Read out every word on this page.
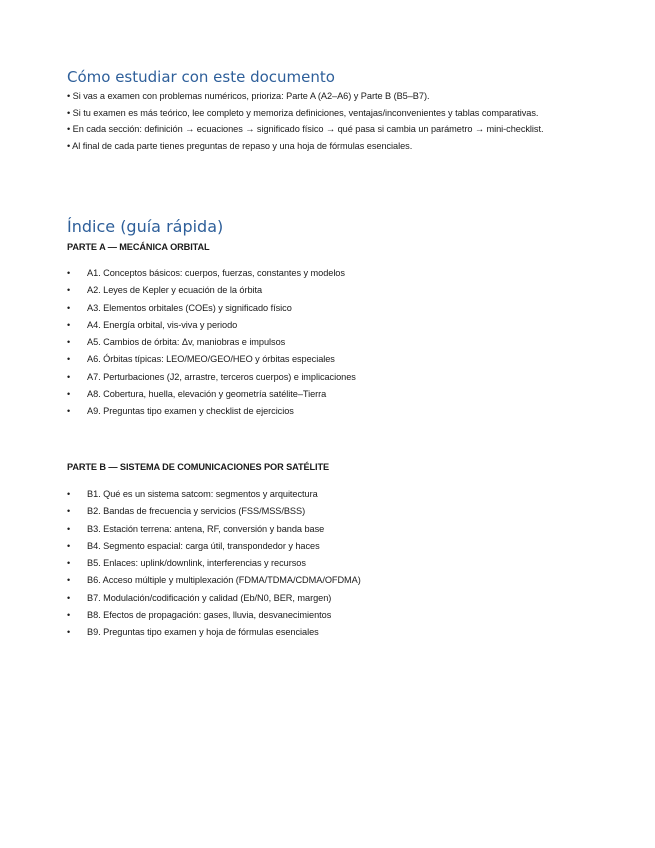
Cómo estudiar con este documento
• Si vas a examen con problemas numéricos, prioriza: Parte A (A2–A6) y Parte B (B5–B7).
• Si tu examen es más teórico, lee completo y memoriza definiciones, ventajas/inconvenientes y tablas comparativas.
• En cada sección: definición → ecuaciones → significado físico → qué pasa si cambia un parámetro → mini-checklist.
• Al final de cada parte tienes preguntas de repaso y una hoja de fórmulas esenciales.
Índice (guía rápida)
PARTE A — MECÁNICA ORBITAL
• A1. Conceptos básicos: cuerpos, fuerzas, constantes y modelos
• A2. Leyes de Kepler y ecuación de la órbita
• A3. Elementos orbitales (COEs) y significado físico
• A4. Energía orbital, vis-viva y periodo
• A5. Cambios de órbita: Δv, maniobras e impulsos
• A6. Órbitas típicas: LEO/MEO/GEO/HEO y órbitas especiales
• A7. Perturbaciones (J2, arrastre, terceros cuerpos) e implicaciones
• A8. Cobertura, huella, elevación y geometría satélite–Tierra
• A9. Preguntas tipo examen y checklist de ejercicios
PARTE B — SISTEMA DE COMUNICACIONES POR SATÉLITE
• B1. Qué es un sistema satcom: segmentos y arquitectura
• B2. Bandas de frecuencia y servicios (FSS/MSS/BSS)
• B3. Estación terrena: antena, RF, conversión y banda base
• B4. Segmento espacial: carga útil, transpondedor y haces
• B5. Enlaces: uplink/downlink, interferencias y recursos
• B6. Acceso múltiple y multiplexación (FDMA/TDMA/CDMA/OFDMA)
• B7. Modulación/codificación y calidad (Eb/N0, BER, margen)
• B8. Efectos de propagación: gases, lluvia, desvanecimientos
• B9. Preguntas tipo examen y hoja de fórmulas esenciales
